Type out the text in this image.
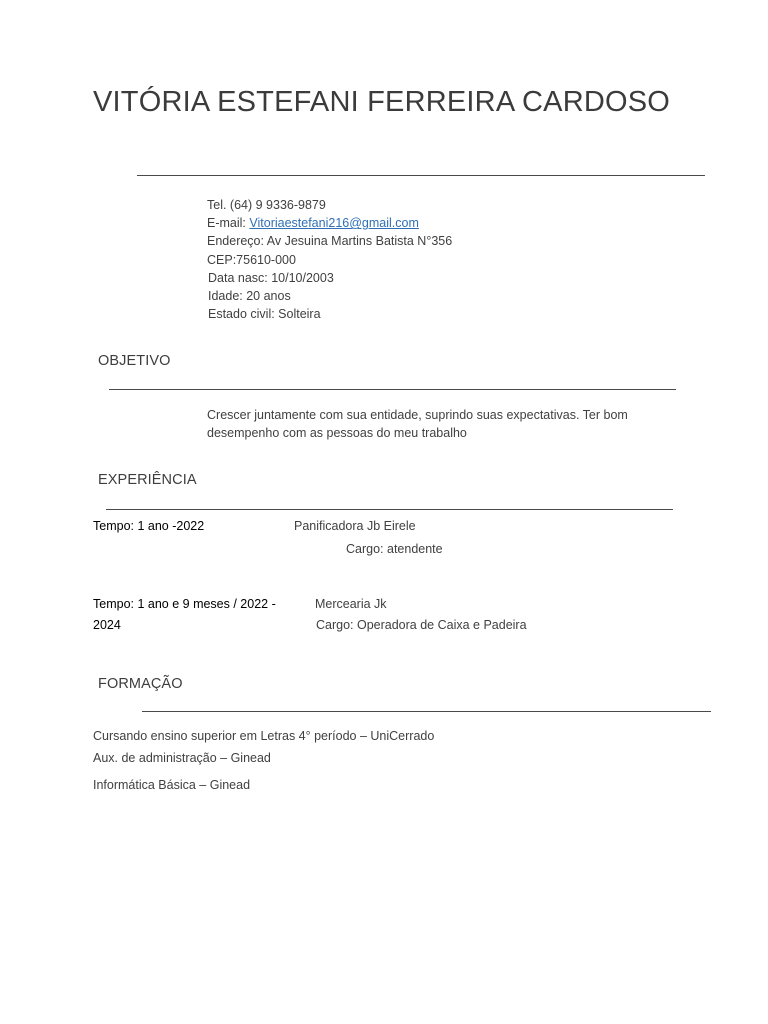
VITÓRIA ESTEFANI FERREIRA CARDOSO
Tel. (64) 9 9336-9879
E-mail: Vitoriaestefani216@gmail.com
Endereço: Av Jesuina Martins Batista N°356
CEP:75610-000
Data nasc: 10/10/2003
Idade: 20 anos
Estado civil: Solteira
OBJETIVO
Crescer juntamente com sua entidade, suprindo suas expectativas. Ter bom
desempenho com as pessoas do meu trabalho
EXPERIÊNCIA
Tempo: 1 ano -2022	Panificadora Jb Eirele
Cargo: atendente
Tempo: 1 ano e 9 meses / 2022 -
2024
Mercearia Jk
Cargo: Operadora de Caixa e Padeira
FORMAÇÃO
Cursando ensino superior em Letras 4° período – UniCerrado
Aux. de administração – Ginead
Informática Básica – Ginead
